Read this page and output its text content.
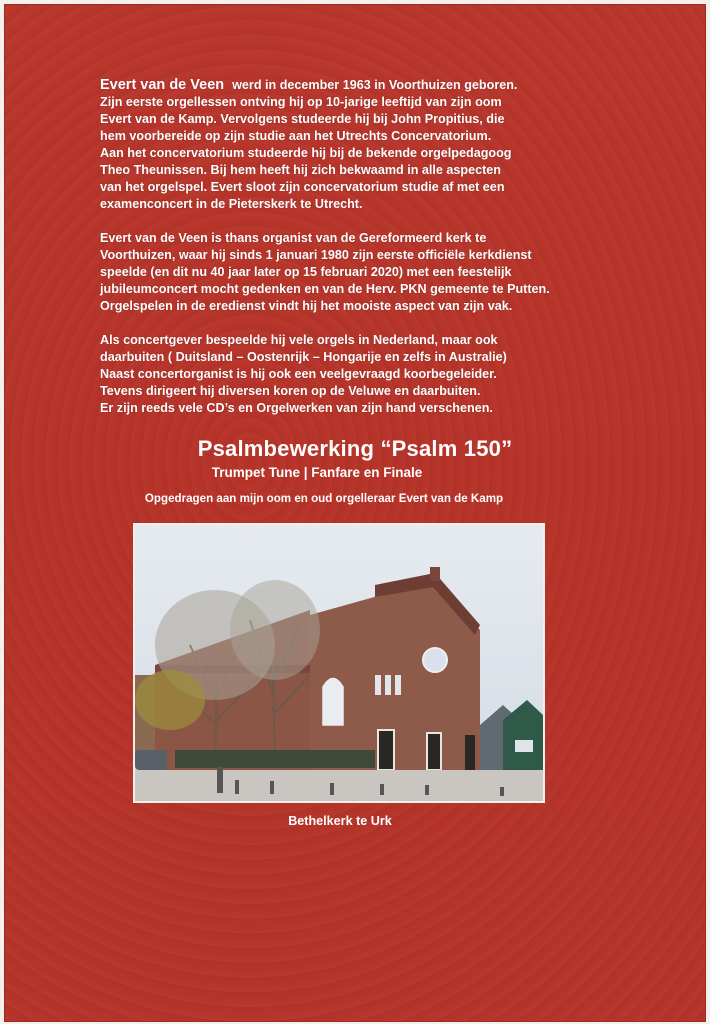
Evert van de Veen werd in december 1963 in Voorthuizen geboren.
Zijn eerste orgellessen ontving hij op 10-jarige leeftijd van zijn oom
Evert van de Kamp. Vervolgens studeerde hij bij John Propitius, die
hem voorbereide op zijn studie aan het Utrechts Concervatorium.
Aan het concervatorium studeerde hij bij de bekende orgelpedagoog
Theo Theunissen. Bij hem heeft hij zich bekwaamd in alle aspecten
van het orgelspel. Evert sloot zijn concervatorium studie af met een
examenconcert in de Pieterskerk te Utrecht.

Evert van de Veen is thans organist van de Gereformeerd kerk te
Voorthuizen, waar hij sinds 1 januari 1980 zijn eerste officiële kerkdienst
speelde (en dit nu 40 jaar later op 15 februari 2020) met een feestelijk
jubileumconcert mocht gedenken en van de Herv. PKN gemeente te Putten.
Orgelspelen in de eredienst vindt hij het mooiste aspect van zijn vak.

Als concertgever bespeelde hij vele orgels in Nederland, maar ook
daarbuiten ( Duitsland – Oostenrijk – Hongarije en zelfs in Australie)
Naast concertorganist is hij ook een veelgevraagd koorbegeleider.
Tevens dirigeert hij diversen koren op de Veluwe en daarbuiten.
Er zijn reeds vele CD’s en Orgelwerken van zijn hand verschenen.

Psalmbewerking “Psalm 150”
Trumpet Tune | Fanfare en Finale
Opgedragen aan mijn oom en oud orgelleraar Evert van de Kamp
Bethelkerk te Urk
